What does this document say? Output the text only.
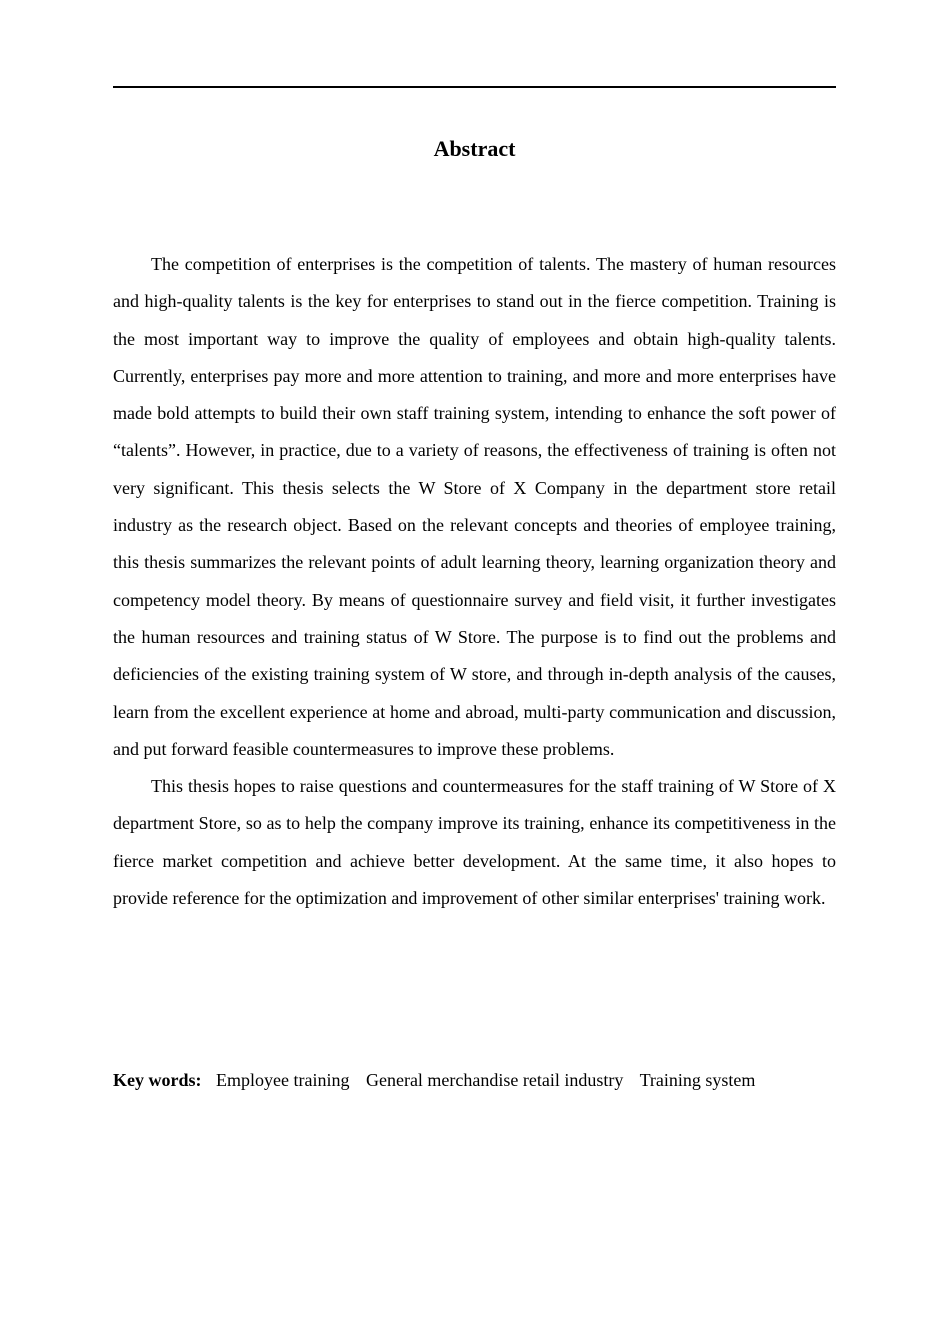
Abstract

The competition of enterprises is the competition of talents. The mastery of human resources and high-quality talents is the key for enterprises to stand out in the fierce competition. Training is the most important way to improve the quality of employees and obtain high-quality talents. Currently, enterprises pay more and more attention to training, and more and more enterprises have made bold attempts to build their own staff training system, intending to enhance the soft power of “talents”. However, in practice, due to a variety of reasons, the effectiveness of training is often not very significant. This thesis selects the W Store of X Company in the department store retail industry as the research object. Based on the relevant concepts and theories of employee training, this thesis summarizes the relevant points of adult learning theory, learning organization theory and competency model theory. By means of questionnaire survey and field visit, it further investigates the human resources and training status of W Store. The purpose is to find out the problems and deficiencies of the existing training system of W store, and through in-depth analysis of the causes, learn from the excellent experience at home and abroad, multi-party communication and discussion, and put forward feasible countermeasures to improve these problems.

This thesis hopes to raise questions and countermeasures for the staff training of W Store of X department Store, so as to help the company improve its training, enhance its competitiveness in the fierce market competition and achieve better development. At the same time, it also hopes to provide reference for the optimization and improvement of other similar enterprises' training work.

Key words: Employee training General merchandise retail industry Training system
